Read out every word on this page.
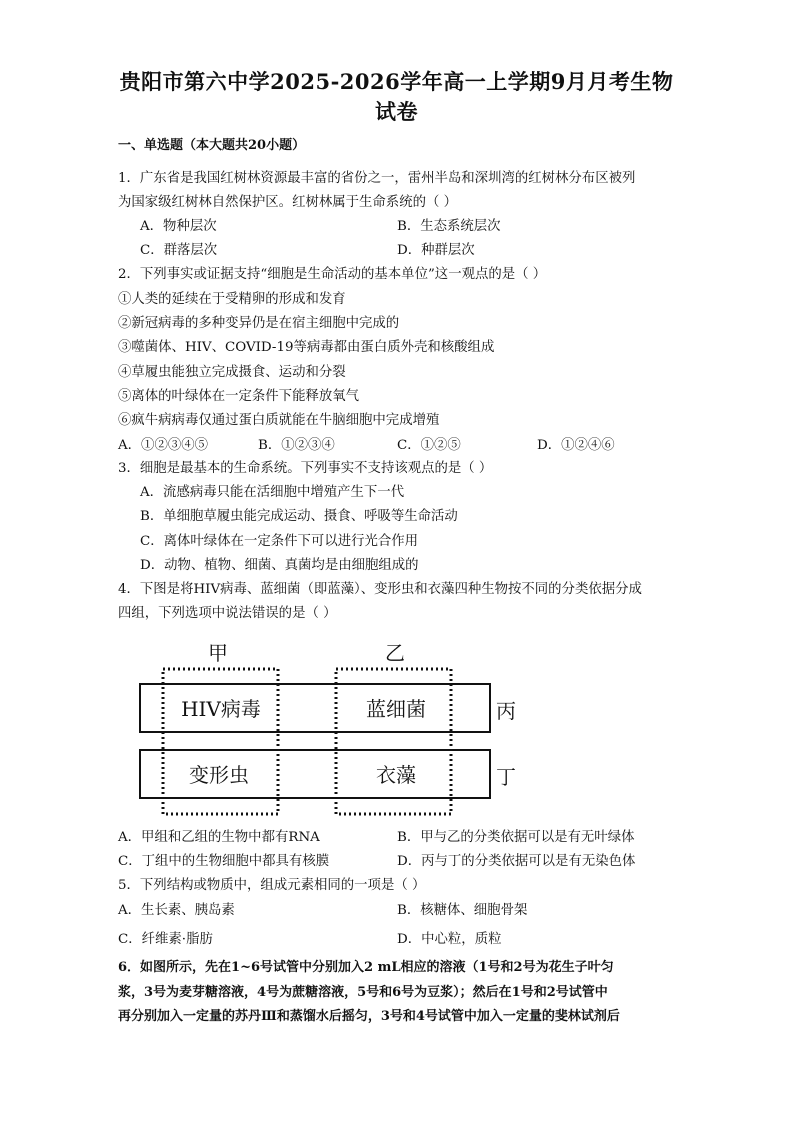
贵阳市第六中学2025-2026学年高一上学期9月月考生物
试卷
一、单选题（本大题共20小题）
1．广东省是我国红树林资源最丰富的省份之一，雷州半岛和深圳湾的红树林分布区被列
为国家级红树林自然保护区。红树林属于生命系统的（ ）
A．物种层次	B．生态系统层次
C．群落层次	D．种群层次
2．下列事实或证据支持“细胞是生命活动的基本单位”这一观点的是（ ）
①人类的延续在于受精卵的形成和发育
②新冠病毒的多种变异仍是在宿主细胞中完成的
③噬菌体、HIV、COVID-19等病毒都由蛋白质外壳和核酸组成
④草履虫能独立完成摄食、运动和分裂
⑤离体的叶绿体在一定条件下能释放氧气
⑥疯牛病病毒仅通过蛋白质就能在牛脑细胞中完成增殖
A．①②③④⑤	B．①②③④	C．①②⑤	D．①②④⑥
3．细胞是最基本的生命系统。下列事实不支持该观点的是（ ）
A．流感病毒只能在活细胞中增殖产生下一代
B．单细胞草履虫能完成运动、摄食、呼吸等生命活动
C．离体叶绿体在一定条件下可以进行光合作用
D．动物、植物、细菌、真菌均是由细胞组成的
4．下图是将HIV病毒、蓝细菌（即蓝藻）、变形虫和衣藻四种生物按不同的分类依据分成
四组，下列选项中说法错误的是（ ）
甲	乙
HIV病毒	蓝细菌
变形虫	衣藻
丙
丁
A．甲组和乙组的生物中都有RNA	B．甲与乙的分类依据可以是有无叶绿体
C．丁组中的生物细胞中都具有核膜	D．丙与丁的分类依据可以是有无染色体
5．下列结构或物质中，组成元素相同的一项是（ ）
A．生长素、胰岛素	B．核糖体、细胞骨架
C．纤维素·脂肪	D．中心粒，质粒
6．如图所示，先在1~6号试管中分别加入2 mL相应的溶液（1号和2号为花生子叶匀
浆，3号为麦芽糖溶液，4号为蔗糖溶液，5号和6号为豆浆）；然后在1号和2号试管中
再分别加入一定量的苏丹Ⅲ和蒸馏水后摇匀，3号和4号试管中加入一定量的斐林试剂后
